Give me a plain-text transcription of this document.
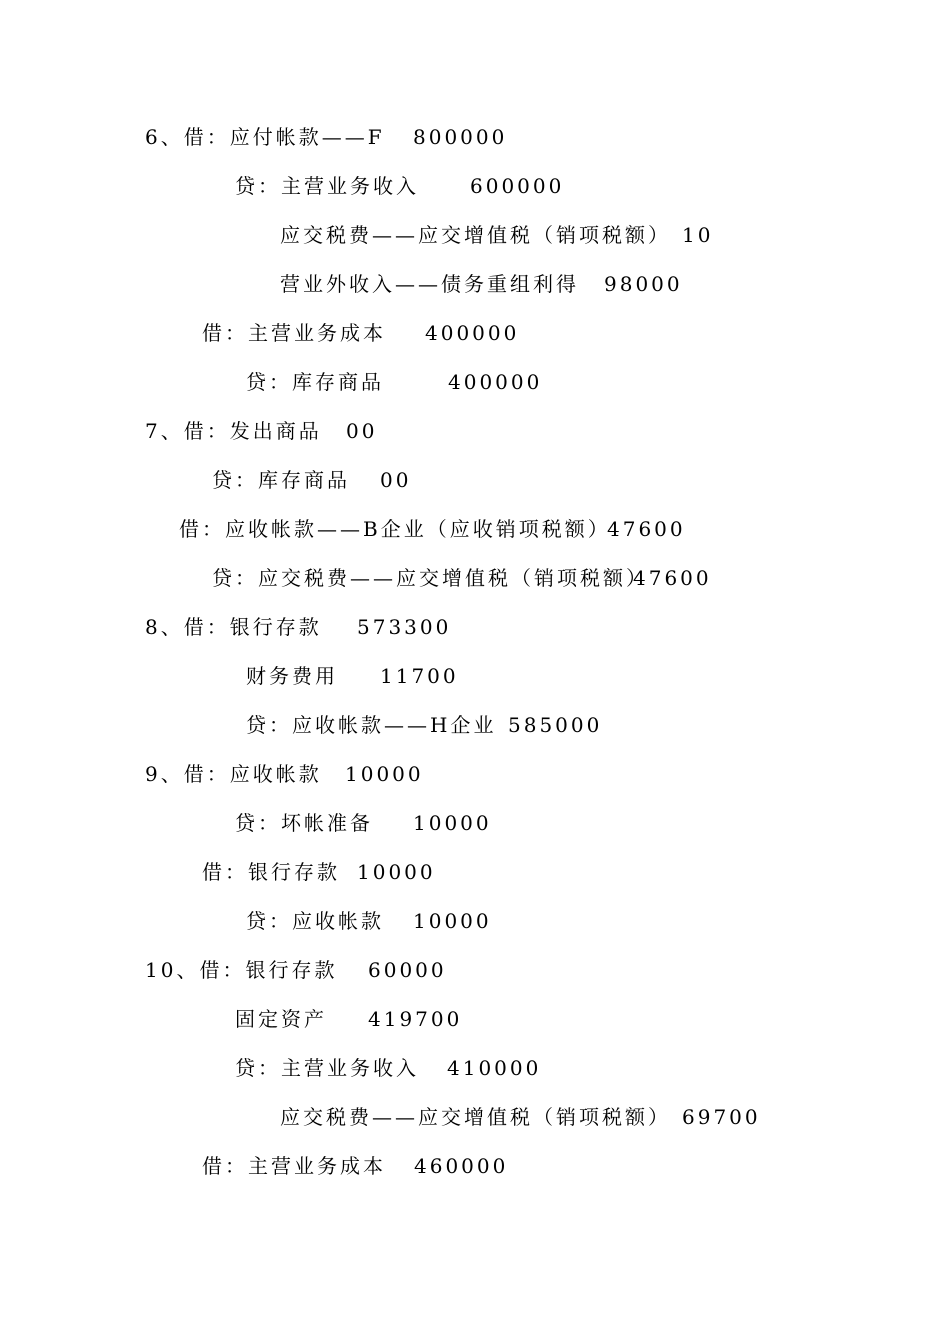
6、借：应付帐款——F

800000

贷：主营业务收入

	600000

应交税费——应交增值税（销项税额）

10

营业外收入——债务重组利得

98000

借：主营业务成本

400000

贷：库存商品

	400000

7、借：发出商品

00

贷：库存商品

00

借：应收帐款——B企业（应收销项税额）

47600

贷：应交税费——应交增值税（销项税额）

47600

8、借：银行存款

573300

财务费用

11700

贷：应收帐款——H企业

585000

9、借：应收帐款

10000

贷：坏帐准备

10000

借：银行存款

10000

贷：应收帐款

10000

10、借：银行存款

60000

固定资产

419700

贷：主营业务收入

410000

应交税费——应交增值税（销项税额）

69700

借：主营业务成本

460000
